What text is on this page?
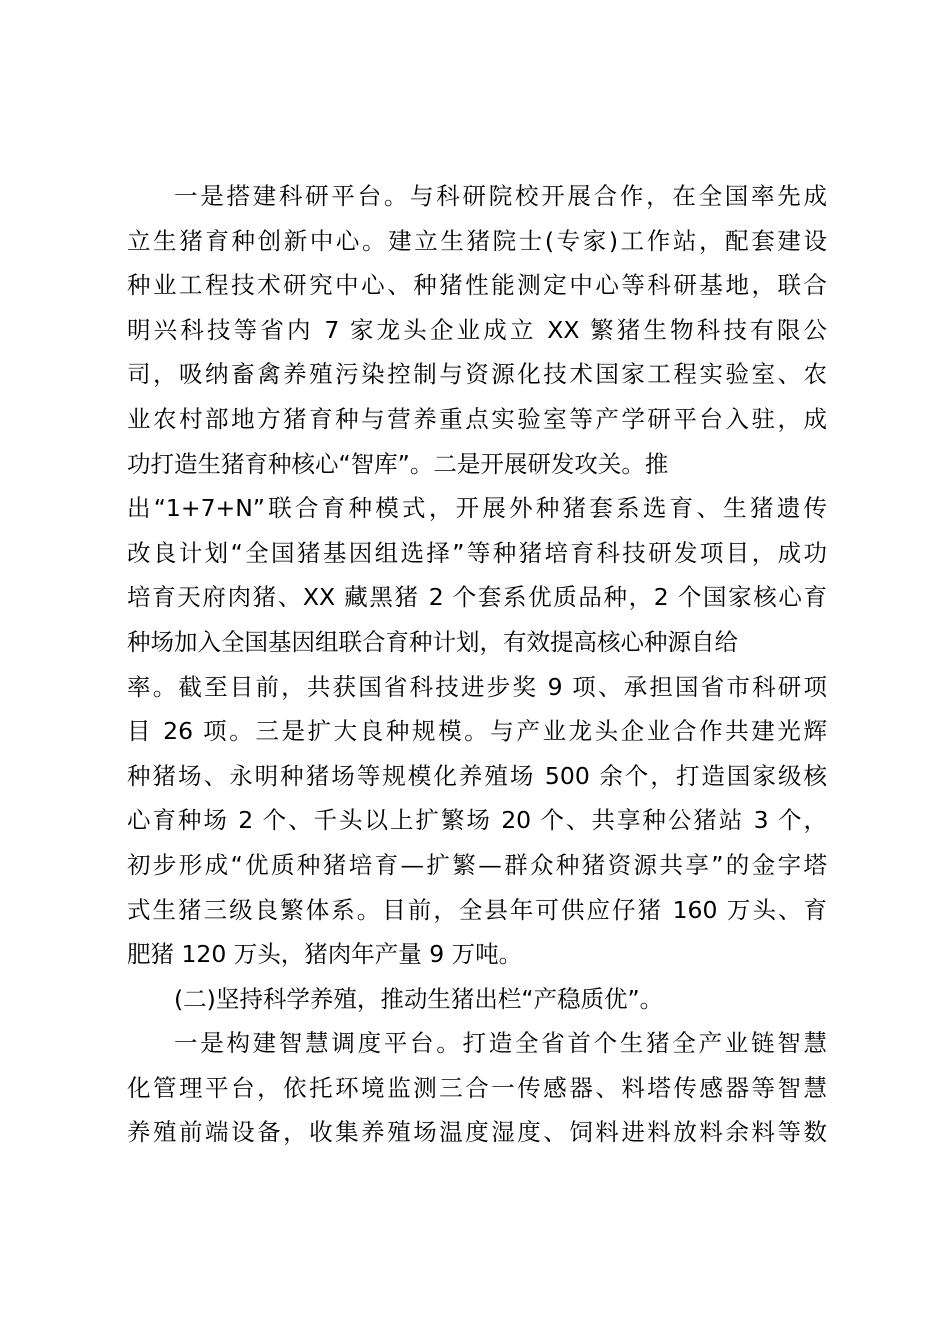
一是搭建科研平台。与科研院校开展合作，在全国率先成
立生猪育种创新中心。建立生猪院士(专家)工作站，配套建设
种业工程技术研究中心、种猪性能测定中心等科研基地，联合
明兴科技等省内 7 家龙头企业成立 XX 繁猪生物科技有限公
司，吸纳畜禽养殖污染控制与资源化技术国家工程实验室、农
业农村部地方猪育种与营养重点实验室等产学研平台入驻，成
功打造生猪育种核心“智库”。二是开展研发攻关。推
出“1+7+N”联合育种模式，开展外种猪套系选育、生猪遗传
改良计划“全国猪基因组选择”等种猪培育科技研发项目，成功
培育天府肉猪、XX 藏黑猪 2 个套系优质品种，2 个国家核心育
种场加入全国基因组联合育种计划，有效提高核心种源自给
率。截至目前，共获国省科技进步奖 9 项、承担国省市科研项
目 26 项。三是扩大良种规模。与产业龙头企业合作共建光辉
种猪场、永明种猪场等规模化养殖场 500 余个，打造国家级核
心育种场 2 个、千头以上扩繁场 20 个、共享种公猪站 3 个，
初步形成“优质种猪培育—扩繁—群众种猪资源共享”的金字塔
式生猪三级良繁体系。目前，全县年可供应仔猪 160 万头、育
肥猪 120 万头，猪肉年产量 9 万吨。
(二)坚持科学养殖，推动生猪出栏“产稳质优”。
一是构建智慧调度平台。打造全省首个生猪全产业链智慧
化管理平台，依托环境监测三合一传感器、料塔传感器等智慧
养殖前端设备，收集养殖场温度湿度、饲料进料放料余料等数
